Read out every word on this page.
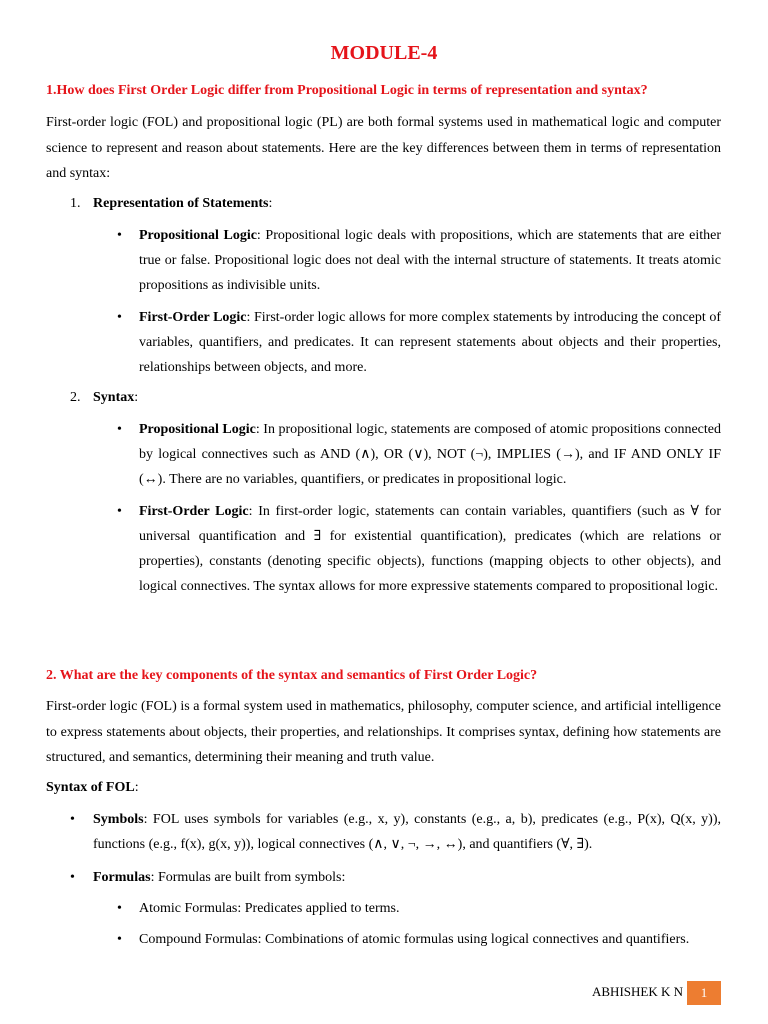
MODULE-4
1.How does First Order Logic differ from Propositional Logic in terms of representation and syntax?

First-order logic (FOL) and propositional logic (PL) are both formal systems used in mathematical logic and computer science to represent and reason about statements. Here are the key differences between them in terms of representation and syntax:

1. Representation of Statements:
• Propositional Logic: Propositional logic deals with propositions, which are statements that are either true or false. Propositional logic does not deal with the internal structure of statements. It treats atomic propositions as indivisible units.
• First-Order Logic: First-order logic allows for more complex statements by introducing the concept of variables, quantifiers, and predicates. It can represent statements about objects and their properties, relationships between objects, and more.
2. Syntax:
• Propositional Logic: In propositional logic, statements are composed of atomic propositions connected by logical connectives such as AND (∧), OR (∨), NOT (¬), IMPLIES (→), and IF AND ONLY IF (↔). There are no variables, quantifiers, or predicates in propositional logic.
• First-Order Logic: In first-order logic, statements can contain variables, quantifiers (such as ∀ for universal quantification and ∃ for existential quantification), predicates (which are relations or properties), constants (denoting specific objects), functions (mapping objects to other objects), and logical connectives. The syntax allows for more expressive statements compared to propositional logic.
2. What are the key components of the syntax and semantics of First Order Logic?

First-order logic (FOL) is a formal system used in mathematics, philosophy, computer science, and artificial intelligence to express statements about objects, their properties, and relationships. It comprises syntax, defining how statements are structured, and semantics, determining their meaning and truth value.

Syntax of FOL:
• Symbols: FOL uses symbols for variables (e.g., x, y), constants (e.g., a, b), predicates (e.g., P(x), Q(x, y)), functions (e.g., f(x), g(x, y)), logical connectives (∧, ∨, ¬, →, ↔), and quantifiers (∀, ∃).
• Formulas: Formulas are built from symbols:
• Atomic Formulas: Predicates applied to terms.
• Compound Formulas: Combinations of atomic formulas using logical connectives and quantifiers.
ABHISHEK K N	1
